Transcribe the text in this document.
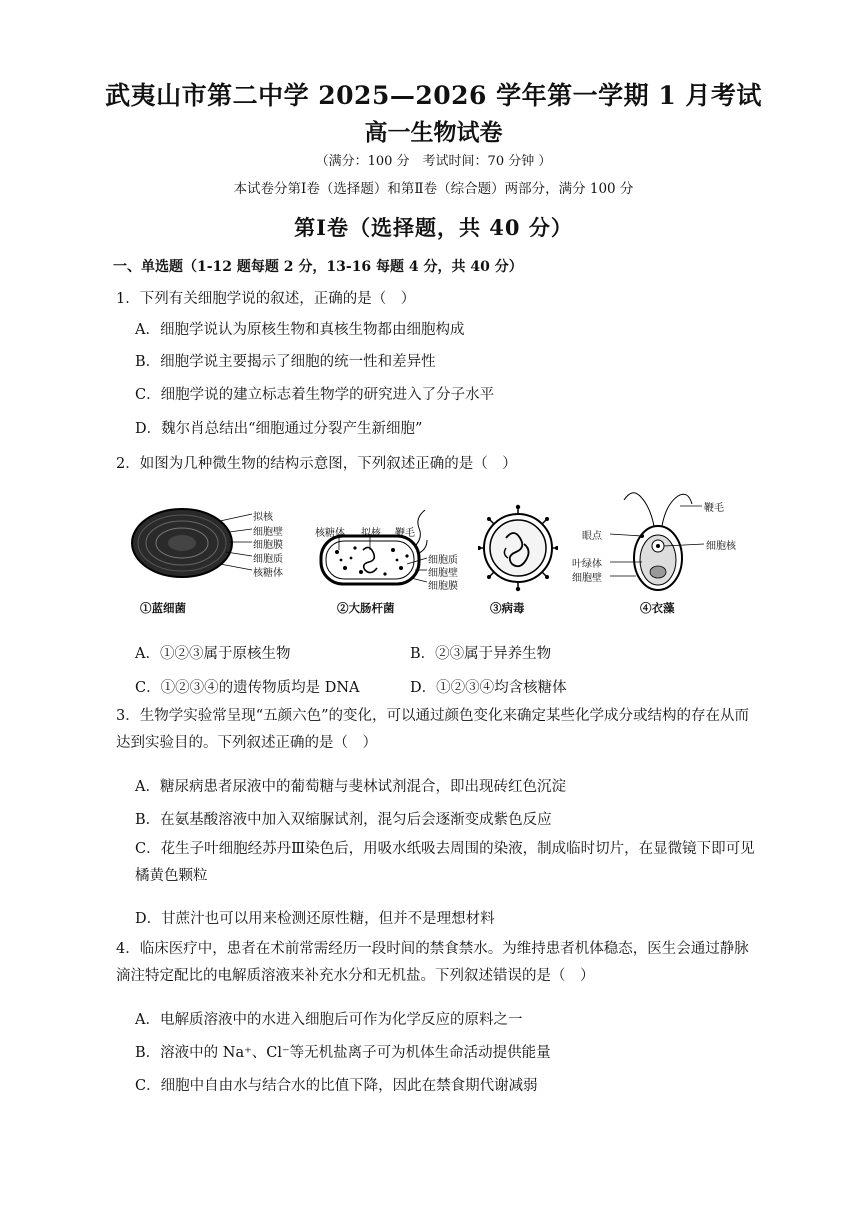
武夷山市第二中学 2025—2026 学年第一学期 1 月考试
高一生物试卷
（满分：100 分　考试时间：70 分钟 ）
本试卷分第Ⅰ卷（选择题）和第Ⅱ卷（综合题）两部分，满分 100 分
第Ⅰ卷（选择题，共 40 分）
一、单选题（1-12 题每题 2 分，13-16 每题 4 分，共 40 分）
1．下列有关细胞学说的叙述，正确的是（　）
A．细胞学说认为原核生物和真核生物都由细胞构成
B．细胞学说主要揭示了细胞的统一性和差异性
C．细胞学说的建立标志着生物学的研究进入了分子水平
D．魏尔肖总结出“细胞通过分裂产生新细胞”
2．如图为几种微生物的结构示意图，下列叙述正确的是（　）
拟核
细胞壁
细胞膜
细胞质
核糖体
①蓝细菌
核糖体 拟核 鞭毛
细胞质
细胞壁
细胞膜
②大肠杆菌	③病毒
鞭毛
眼点
细胞核
叶绿体
细胞壁
④衣藻
A．①②③属于原核生物	B．②③属于异养生物
C．①②③④的遗传物质均是 DNA	D．①②③④均含核糖体
3．生物学实验常呈现“五颜六色”的变化，可以通过颜色变化来确定某些化学成分或结构的存在从而达到实验目的。下列叙述正确的是（　）
A．糖尿病患者尿液中的葡萄糖与斐林试剂混合，即出现砖红色沉淀
B．在氨基酸溶液中加入双缩脲试剂，混匀后会逐渐变成紫色反应
C．花生子叶细胞经苏丹Ⅲ染色后，用吸水纸吸去周围的染液，制成临时切片，在显微镜下即可见橘黄色颗粒
D．甘蔗汁也可以用来检测还原性糖，但并不是理想材料
4．临床医疗中，患者在术前常需经历一段时间的禁食禁水。为维持患者机体稳态，医生会通过静脉滴注特定配比的电解质溶液来补充水分和无机盐。下列叙述错误的是（　）
A．电解质溶液中的水进入细胞后可作为化学反应的原料之一
B．溶液中的 Na⁺、Cl⁻等无机盐离子可为机体生命活动提供能量
C．细胞中自由水与结合水的比值下降，因此在禁食期代谢减弱
